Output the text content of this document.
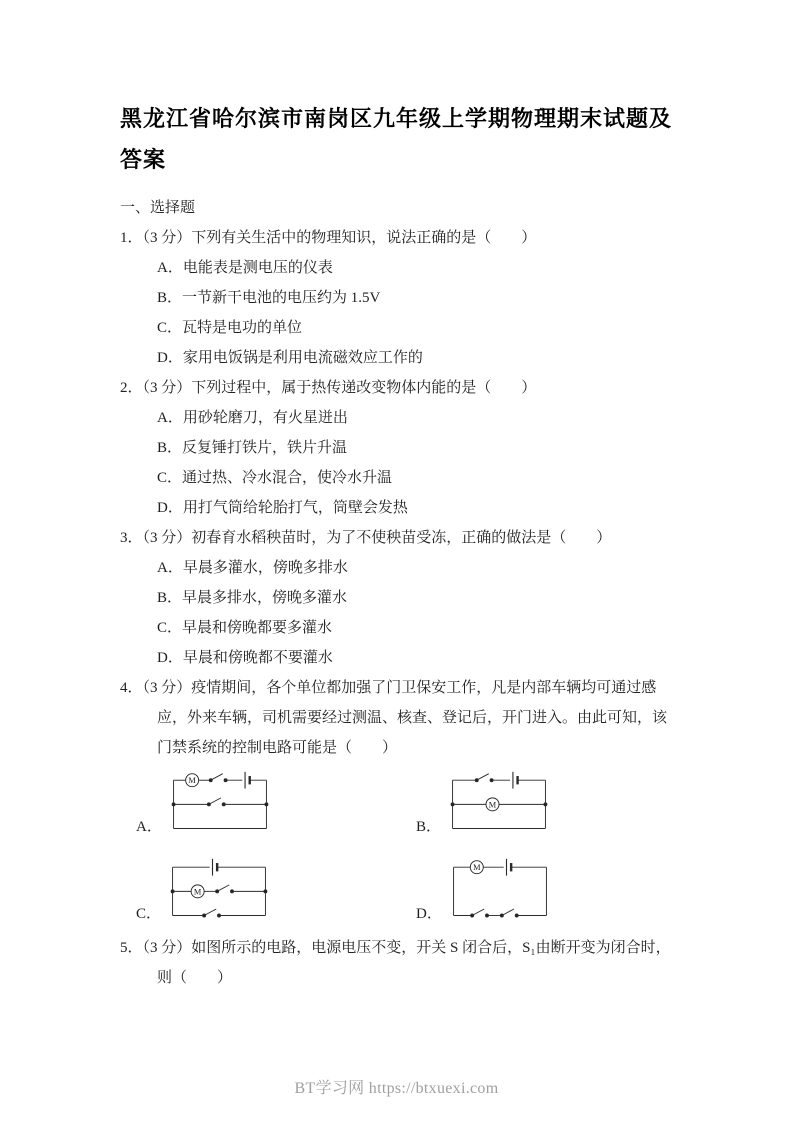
黑龙江省哈尔滨市南岗区九年级上学期物理期末试题及答案

一、选择题

1．（3 分）下列有关生活中的物理知识，说法正确的是（　　）

A．电能表是测电压的仪表

B．一节新干电池的电压约为 1.5V

C．瓦特是电功的单位

D．家用电饭锅是利用电流磁效应工作的

2．（3 分）下列过程中，属于热传递改变物体内能的是（　　）

A．用砂轮磨刀，有火星迸出

B．反复锤打铁片，铁片升温

C．通过热、冷水混合，使冷水升温

D．用打气筒给轮胎打气，筒壁会发热

3．（3 分）初春育水稻秧苗时，为了不使秧苗受冻，正确的做法是（　　）

A．早晨多灌水，傍晚多排水

B．早晨多排水，傍晚多灌水

C．早晨和傍晚都要多灌水

D．早晨和傍晚都不要灌水

4．（3 分）疫情期间，各个单位都加强了门卫保安工作，凡是内部车辆均可通过感应，外来车辆，司机需要经过测温、核查、登记后，开门进入。由此可知，该门禁系统的控制电路可能是（　　）

A．
M
B．
M
C．
M
D．
M

5．（3 分）如图所示的电路，电源电压不变，开关 S 闭合后，S₁由断开变为闭合时，则（　　）

BT学习网 https://btxuexi.com
